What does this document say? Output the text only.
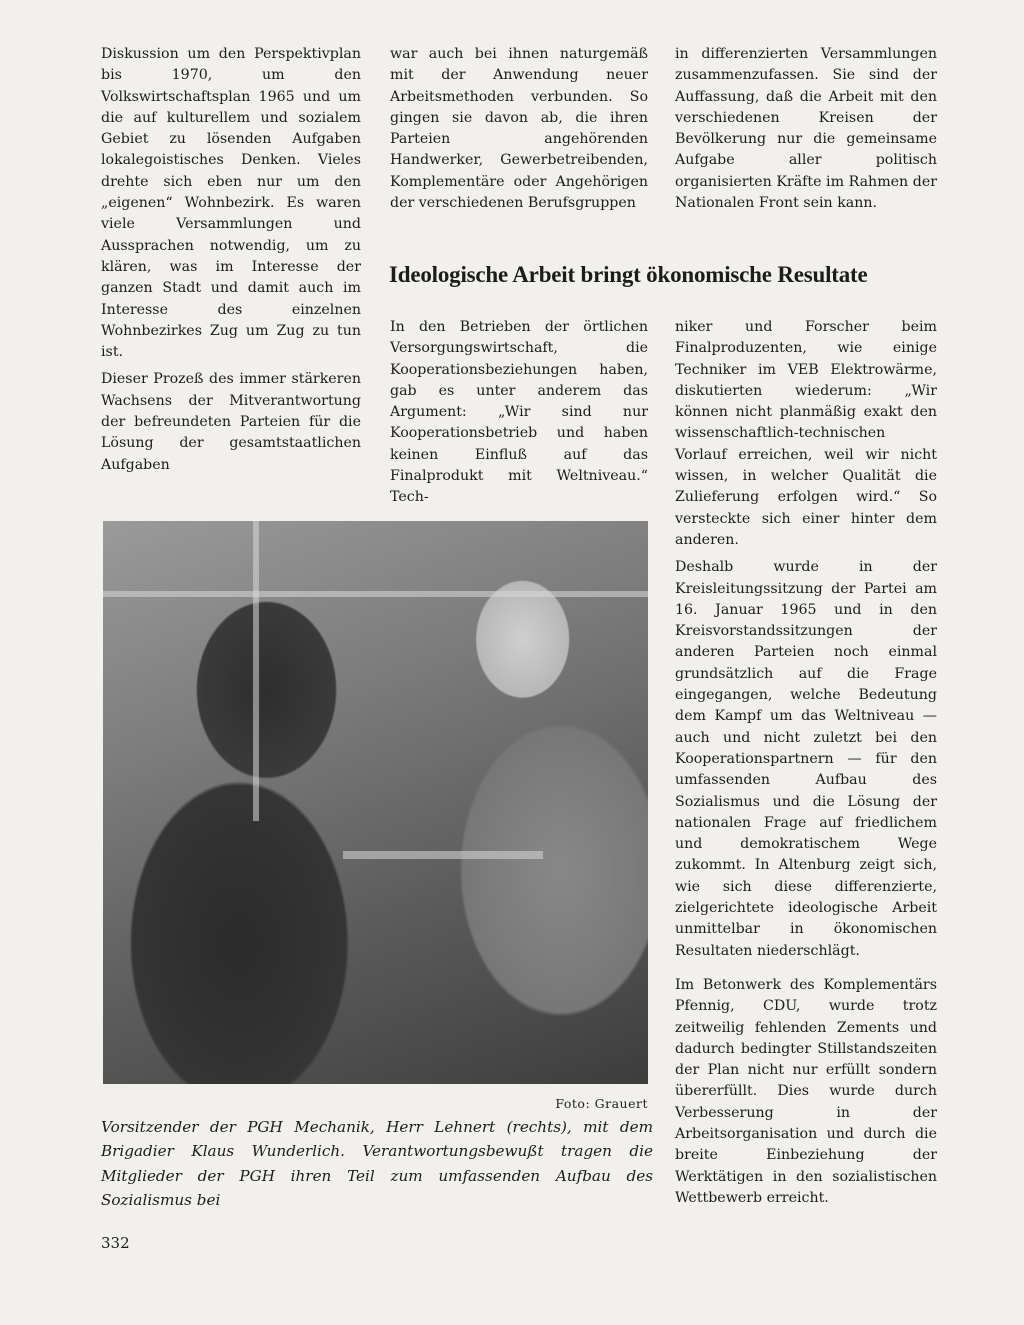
Diskussion um den Perspektivplan bis 1970, um den Volkswirtschaftsplan 1965 und um die auf kulturellem und sozialem Gebiet zu lösenden Aufgaben lokalegoistisches Denken. Vieles drehte sich eben nur um den „eigenen“ Wohnbezirk. Es waren viele Versammlungen und Aussprachen notwendig, um zu klären, was im Interesse der ganzen Stadt und damit auch im Interesse des einzelnen Wohnbezirkes Zug um Zug zu tun ist.

Dieser Prozeß des immer stärkeren Wachsens der Mitverantwortung der befreundeten Parteien für die Lösung der gesamtstaatlichen Aufgaben

war auch bei ihnen naturgemäß mit der Anwendung neuer Arbeitsmethoden verbunden. So gingen sie davon ab, die ihren Parteien angehörenden Handwerker, Gewerbetreibenden, Komplementäre oder Angehörigen der verschiedenen Berufsgruppen

in differenzierten Versammlungen zusammenzufassen. Sie sind der Auffassung, daß die Arbeit mit den verschiedenen Kreisen der Bevölkerung nur die gemeinsame Aufgabe aller politisch organisierten Kräfte im Rahmen der Nationalen Front sein kann.

Ideologische Arbeit bringt ökonomische Resultate

In den Betrieben der örtlichen Versorgungswirtschaft, die Kooperationsbeziehungen haben, gab es unter anderem das Argument: „Wir sind nur Kooperationsbetrieb und haben keinen Einfluß auf das Finalprodukt mit Weltniveau.“ Tech-

niker und Forscher beim Finalproduzenten, wie einige Techniker im VEB Elektrowärme, diskutierten wiederum: „Wir können nicht planmäßig exakt den wissenschaftlich-technischen Vorlauf erreichen, weil wir nicht wissen, in welcher Qualität die Zulieferung erfolgen wird.“ So versteckte sich einer hinter dem anderen.

Deshalb wurde in der Kreisleitungssitzung der Partei am 16. Januar 1965 und in den Kreisvorstandssitzungen der anderen Parteien noch einmal grundsätzlich auf die Frage eingegangen, welche Bedeutung dem Kampf um das Weltniveau — auch und nicht zuletzt bei den Kooperationspartnern — für den umfassenden Aufbau des Sozialismus und die Lösung der nationalen Frage auf friedlichem und demokratischem Wege zukommt. In Altenburg zeigt sich, wie sich diese differenzierte, zielgerichtete ideologische Arbeit unmittelbar in ökonomischen Resultaten niederschlägt.

Foto: Grauert

Vorsitzender der PGH Mechanik, Herr Lehnert (rechts), mit dem Brigadier Klaus Wunderlich. Verantwortungsbewußt tragen die Mitglieder der PGH ihren Teil zum umfassenden Aufbau des Sozialismus bei

332

Im Betonwerk des Komplementärs Pfennig, CDU, wurde trotz zeitweilig fehlenden Zements und dadurch bedingter Stillstandszeiten der Plan nicht nur erfüllt sondern übererfüllt. Dies wurde durch Verbesserung in der Arbeitsorganisation und durch die breite Einbeziehung der Werktätigen in den sozialistischen Wettbewerb erreicht.
